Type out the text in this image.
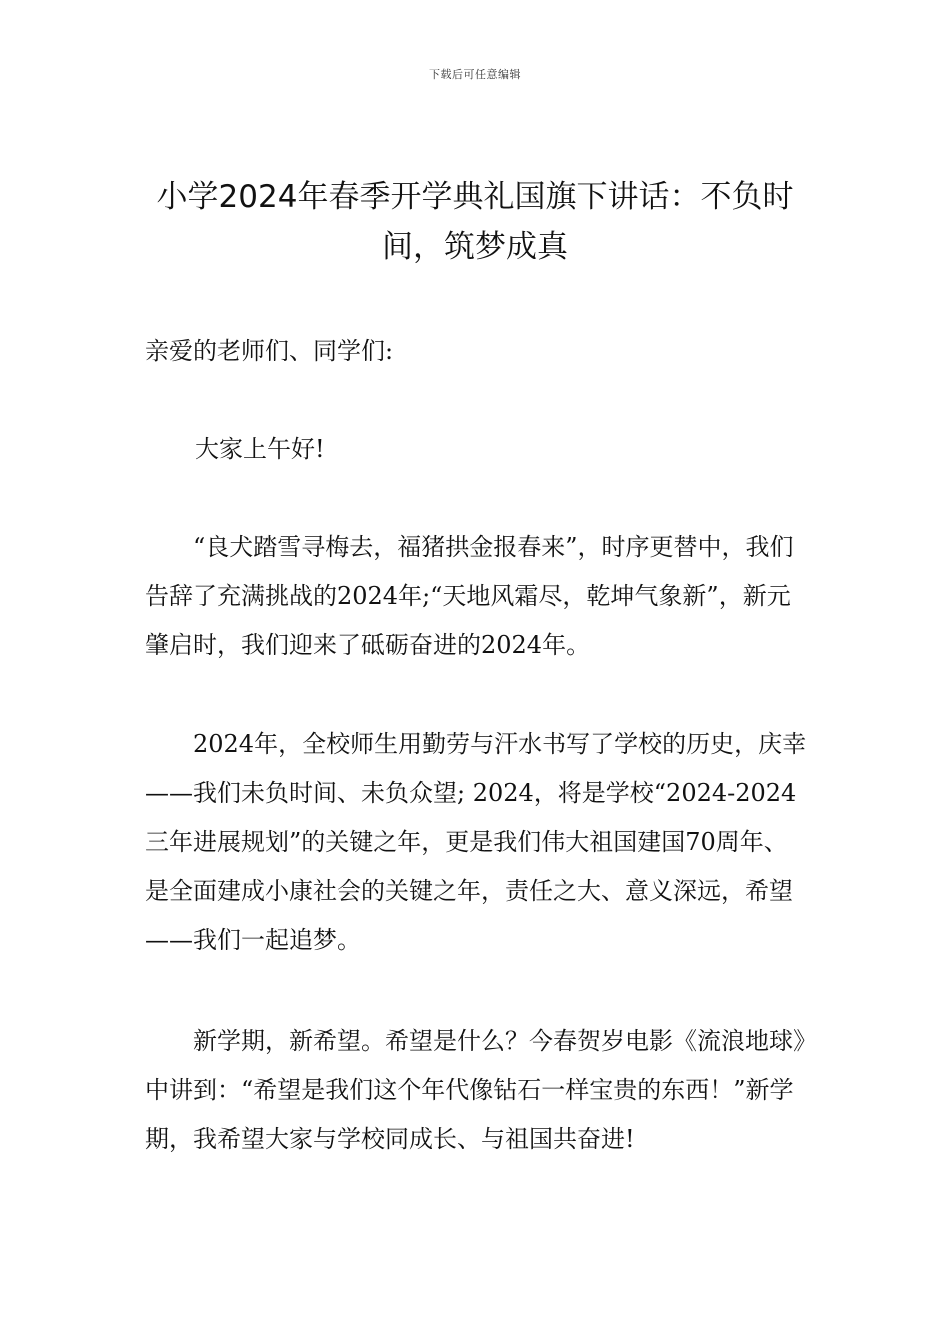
下载后可任意编辑
小学2024年春季开学典礼国旗下讲话：不负时间，筑梦成真
亲爱的老师们、同学们:
大家上午好!
“良犬踏雪寻梅去，福猪拱金报春来”，时序更替中，我们告辞了充满挑战的2024年;“天地风霜尽，乾坤气象新”，新元肇启时，我们迎来了砥砺奋进的2024年。
2024年，全校师生用勤劳与汗水书写了学校的历史，庆幸——我们未负时间、未负众望; 2024，将是学校“2024-2024三年进展规划”的关键之年，更是我们伟大祖国建国70周年、是全面建成小康社会的关键之年，责任之大、意义深远，希望——我们一起追梦。
新学期，新希望。希望是什么？今春贺岁电影《流浪地球》中讲到：“希望是我们这个年代像钻石一样宝贵的东西！”新学期，我希望大家与学校同成长、与祖国共奋进!
